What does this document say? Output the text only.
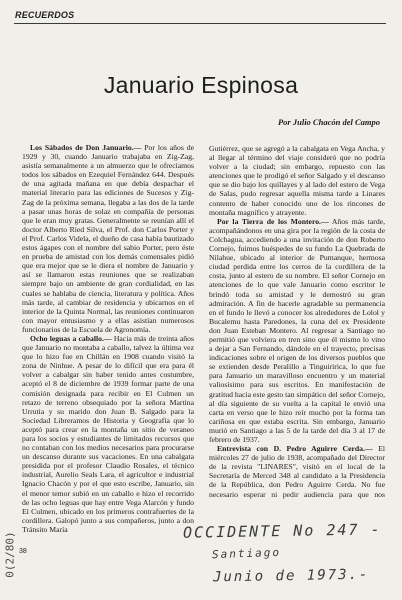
RECUERDOS
Januario Espinosa
Por Julio Chacón del Campo

Los Sábados de Don Januario.— Por los años de 1929 y 30, cuando Januario trabajaba en Zig-Zag, asistía semanalmente a un almuerzo que le ofrecíamos todos los sábados en Ezequiel Fernández 644. Después de una agitada mañana en que debía despachar el material literario para las ediciones de Sucesos y Zig-Zag de la próxima semana, llegaba a las dos de la tarde a pasar unas horas de solaz en compañía de personas que le eran muy gratas. Generalmente se reunían allí el doctor Alberto Ried Silva, el Prof. don Carlos Porter y el Prof. Carlos Videla, el dueño de casa había bautizado estos ágapes con el nombre del sabio Porter, pero éste en prueba de amistad con los demás comensales pidió que era mejor que se le diera el nombre de Januario y así se llamaron estas reuniones que se realizaban siempre bajo un ambiente de gran cordialidad, en las cuales se hablaba de ciencia, literatura y política. Años más tarde, al cambiar de residencia y ubicarnos en el interior de la Quinta Normal, las reuniones continuaron con mayor entusiasmo y a ellas asistían numerosos funcionarios de la Escuela de Agronomía.

Ocho leguas a caballo.— Hacia más de treinta años que Januario no montaba a caballo, talvez la última vez que lo hizo fue en Chillán en 1908 cuando visitó la zona de Ninhue. A pesar de lo difícil que era para él volver a cabalgar sin haber tenido antes costumbre, aceptó el 8 de diciembre de 1939 formar parte de una comisión designada para recibir en El Culmen un retazo de terreno obsequiado por la señora Martina Urrutia y su marido don Juan B. Salgado para la Sociedad Libreramos de Historia y Geografía que lo aceptó para crear en la montaña un sitio de veraneo para los socios y estudiantes de limitados recursos que no contaban con los medios necesarios para procurarse un descanso durante sus vacaciones. En una cabalgata presidida por el profesor Claudio Rosales, el técnico industrial, Aurelio Seals Lara, el agricultor e industrial Ignacio Chacón y por el que esto escribe, Januario, sin el menor temor subió en un caballo e hizo el recorrido de las ocho leguas que hay entre Vega Alarcón y fundo El Culmen, ubicado en los primeros contrafuertes de la cordillera. Galopó junto a sus compañeros, junto a don Tránsito María

Gutiérrez, que se agregó a la cabalgata en Vega Ancha, y al llegar al término del viaje consideró que no podría volver a la ciudad; sin embargo, repuesto con las atenciones que le prodigó el señor Salgado y el descanso que se dio bajo los quillayes y al lado del estero de Vega de Salas, pudo regresar aquella misma tarde a Linares contento de haber conocido uno de los rincones de montaña magnífico y atrayente.

Por la Tierra de los Montero.— Años más tarde, acompañándonos en una gira por la región de la costa de Colchagua, accediendo a una invitación de don Roberto Cornejo, fuimos huéspedes de su fundo La Quebrada de Nilahue, ubicado al interior de Pumanque, hermosa ciudad perdida entre los cerros de la cordillera de la costa, junto al estero de su nombre. El señor Cornejo en atenciones de lo que vale Januario como escritor le brindó toda su amistad y le demostró su gran admiración. A fin de hacerle agradable su permanencia en el fundo le llevó a conocer los alrededores de Lolol y Bucalemu hasta Paredones, la cuna del ex Presidente don Juan Esteban Montero. Al regresar a Santiago no permitió que volviera en tren sino que él mismo lo vino a dejar a San Fernando, dándole en el trayecto, precisas indicaciones sobre el origen de los diversos pueblos que se extienden desde Peralillo a Tinguiririca, lo que fue para Januario un maravilloso encuentro y un material valiosísimo para sus escritos. En manifestación de gratitud hacia este gesto tan simpático del señor Cornejo, al día siguiente de su vuelta a la capital le envió una carta en verso que le hizo reír mucho por la forma tan cariñosa en que estaba escrita. Sin embargo, Januario murió en Santiago a las 5 de la tarde del día 3 al 17 de febrero de 1937.

Entrevista con D. Pedro Aguirre Cerda.— El miércoles 27 de julio de 1938, acompañado del Director de la revista "LINARES", visitó en el local de la Secretaría de Merced 348 al candidato a la Presidencia de la República, don Pedro Aguirre Cerda. No fue necesario esperar ni pedir audiencia para que nos

38
OCCIDENTE No 247 -
Santiago
Junio de 1973.-
0(2/80)
